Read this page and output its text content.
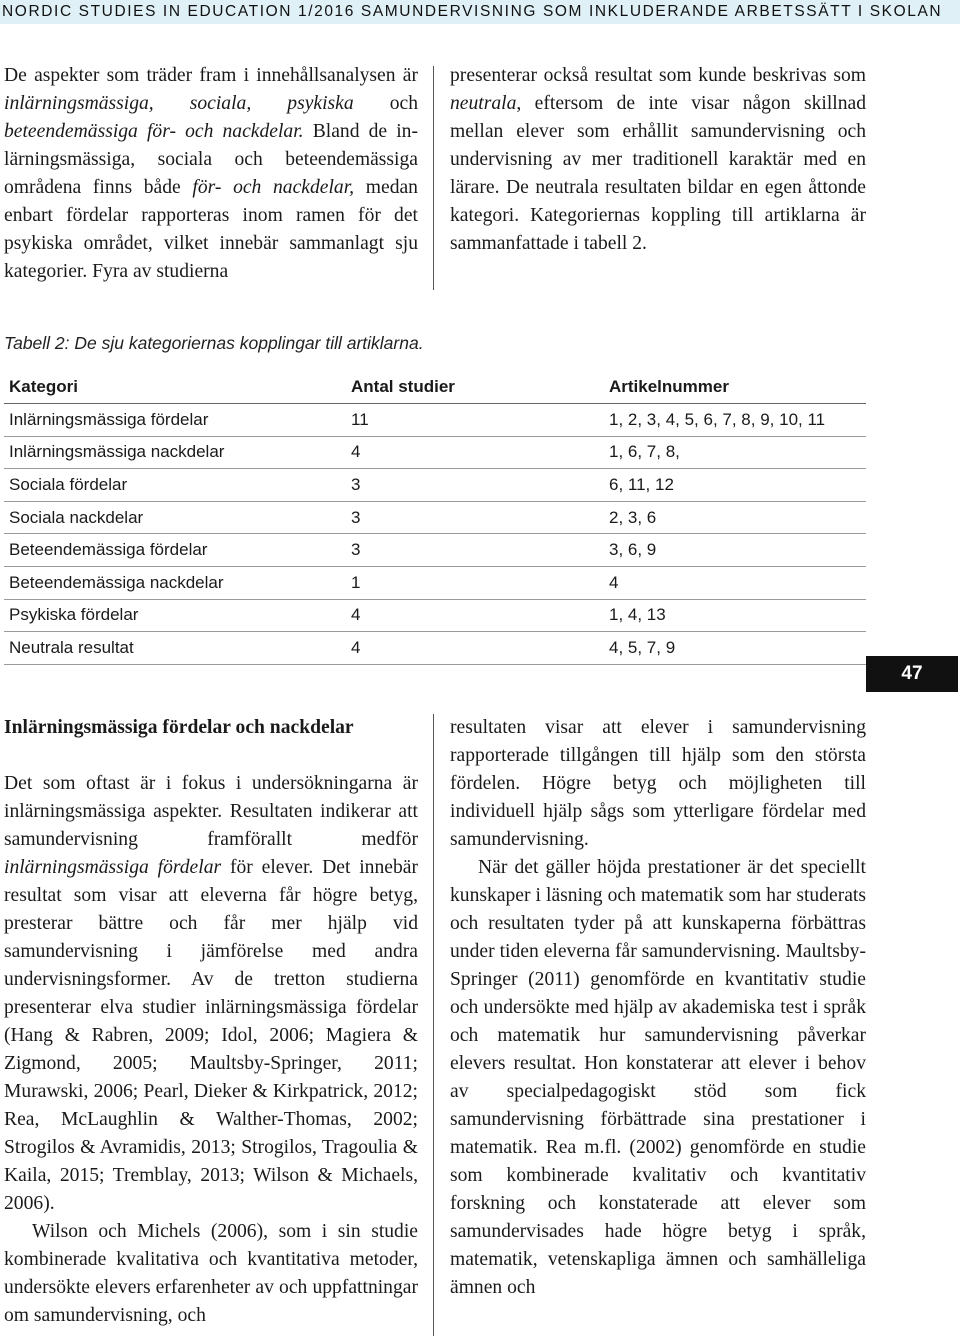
NORDIC STUDIES IN EDUCATION 1/2016 SAMUNDERVISNING SOM INKLUDERANDE ARBETSSÄTT I SKOLAN

De aspekter som träder fram i innehållsanalysen är inlärningsmässiga, sociala, psykiska och beteendemässiga för- och nackdelar. Bland de inlärningsmässiga, sociala och beteendemässiga områdena finns både för- och nackdelar, medan enbart fördelar rapporteras inom ramen för det psykiska området, vilket innebär sammanlagt sju kategorier. Fyra av studierna

presenterar också resultat som kunde beskrivas som neutrala, eftersom de inte visar någon skillnad mellan elever som erhållit samundervisning och undervisning av mer traditionell karaktär med en lärare. De neutrala resultaten bildar en egen åttonde kategori. Kategoriernas koppling till artiklarna är sammanfattade i tabell 2.

Tabell 2: De sju kategoriernas kopplingar till artiklarna.
Kategori	Antal studier	Artikelnummer
Inlärningsmässiga fördelar	11	1, 2, 3, 4, 5, 6, 7, 8, 9, 10, 11
Inlärningsmässiga nackdelar	4	1, 6, 7, 8,
Sociala fördelar	3	6, 11, 12
Sociala nackdelar	3	2, 3, 6
Beteendemässiga fördelar	3	3, 6, 9
Beteendemässiga nackdelar	1	4
Psykiska fördelar	4	1, 4, 13
Neutrala resultat	4	4, 5, 7, 9
47

Inlärningsmässiga fördelar och nackdelar

Det som oftast är i fokus i undersökningarna är inlärningsmässiga aspekter. Resultaten indikerar att samundervisning framförallt medför inlärningsmässiga fördelar för elever. Det innebär resultat som visar att eleverna får högre betyg, presterar bättre och får mer hjälp vid samundervisning i jämförelse med andra undervisningsformer. Av de tretton studierna presenterar elva studier inlärningsmässiga fördelar (Hang & Rabren, 2009; Idol, 2006; Magiera & Zigmond, 2005; Maultsby-Springer, 2011; Murawski, 2006; Pearl, Dieker & Kirkpatrick, 2012; Rea, McLaughlin & Walther-Thomas, 2002; Strogilos & Avramidis, 2013; Strogilos, Tragoulia & Kaila, 2015; Tremblay, 2013; Wilson & Michaels, 2006).

Wilson och Michels (2006), som i sin studie kombinerade kvalitativa och kvantitativa metoder, undersökte elevers erfarenheter av och uppfattningar om samundervisning, och

resultaten visar att elever i samundervisning rapporterade tillgången till hjälp som den största fördelen. Högre betyg och möjligheten till individuell hjälp sågs som ytterligare fördelar med samundervisning.

När det gäller höjda prestationer är det speciellt kunskaper i läsning och matematik som har studerats och resultaten tyder på att kunskaperna förbättras under tiden eleverna får samundervisning. Maultsby-Springer (2011) genomförde en kvantitativ studie och undersökte med hjälp av akademiska test i språk och matematik hur samundervisning påverkar elevers resultat. Hon konstaterar att elever i behov av specialpedagogiskt stöd som fick samundervisning förbättrade sina prestationer i matematik. Rea m.fl. (2002) genomförde en studie som kombinerade kvalitativ och kvantitativ forskning och konstaterade att elever som samundervisades hade högre betyg i språk, matematik, vetenskapliga ämnen och samhälleliga ämnen och
